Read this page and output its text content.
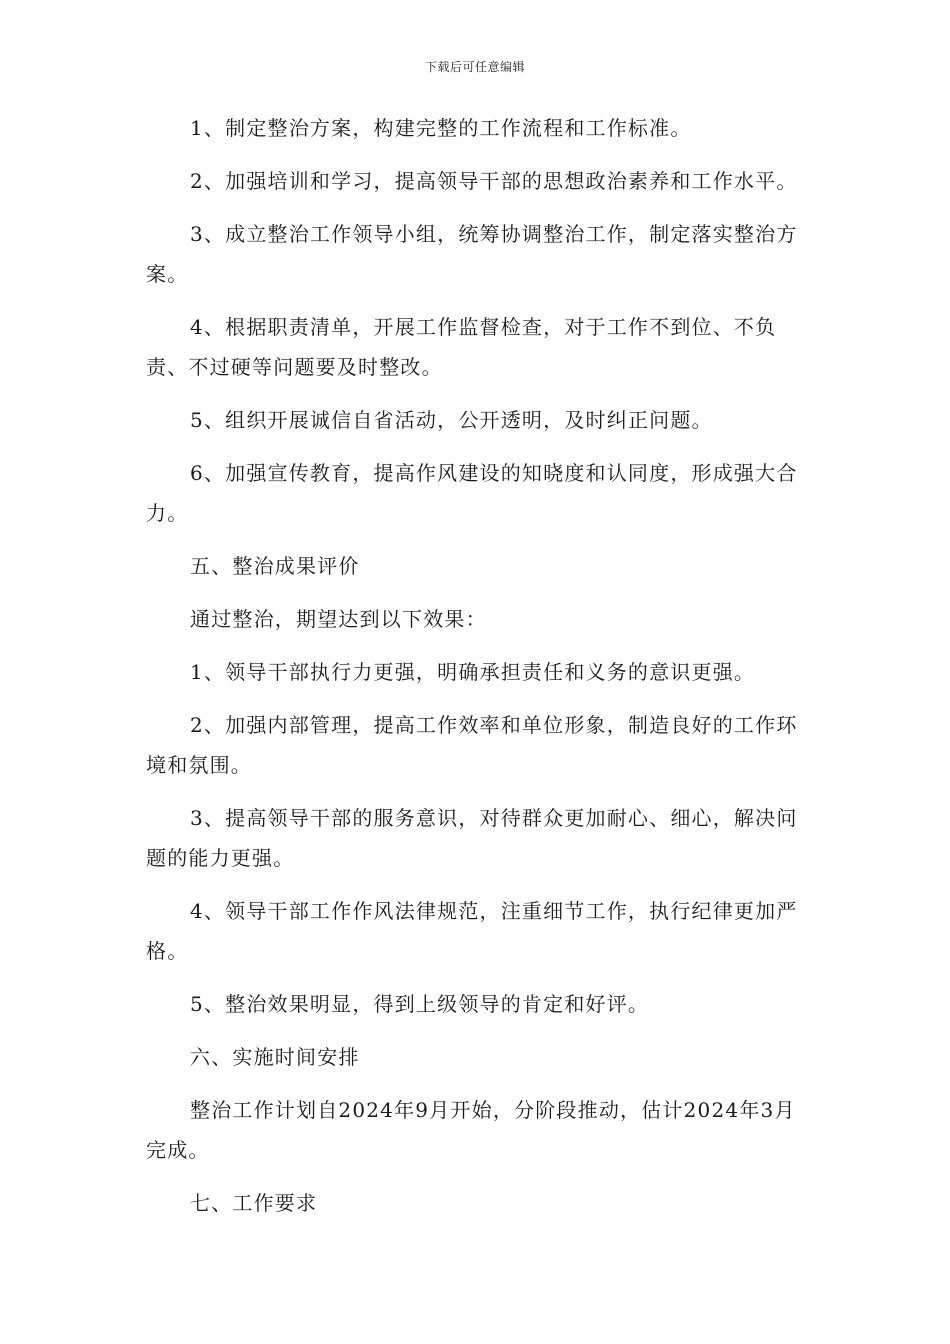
下载后可任意编辑

1、制定整治方案，构建完整的工作流程和工作标准。

2、加强培训和学习，提高领导干部的思想政治素养和工作水平。

3、成立整治工作领导小组，统筹协调整治工作，制定落实整治方案。

4、根据职责清单，开展工作监督检查，对于工作不到位、不负责、不过硬等问题要及时整改。

5、组织开展诚信自省活动，公开透明，及时纠正问题。

6、加强宣传教育，提高作风建设的知晓度和认同度，形成强大合力。

五、整治成果评价

通过整治，期望达到以下效果：

1、领导干部执行力更强，明确承担责任和义务的意识更强。

2、加强内部管理，提高工作效率和单位形象，制造良好的工作环境和氛围。

3、提高领导干部的服务意识，对待群众更加耐心、细心，解决问题的能力更强。

4、领导干部工作作风法律规范，注重细节工作，执行纪律更加严格。

5、整治效果明显，得到上级领导的肯定和好评。

六、实施时间安排

整治工作计划自2024年9月开始，分阶段推动，估计2024年3月完成。

七、工作要求
